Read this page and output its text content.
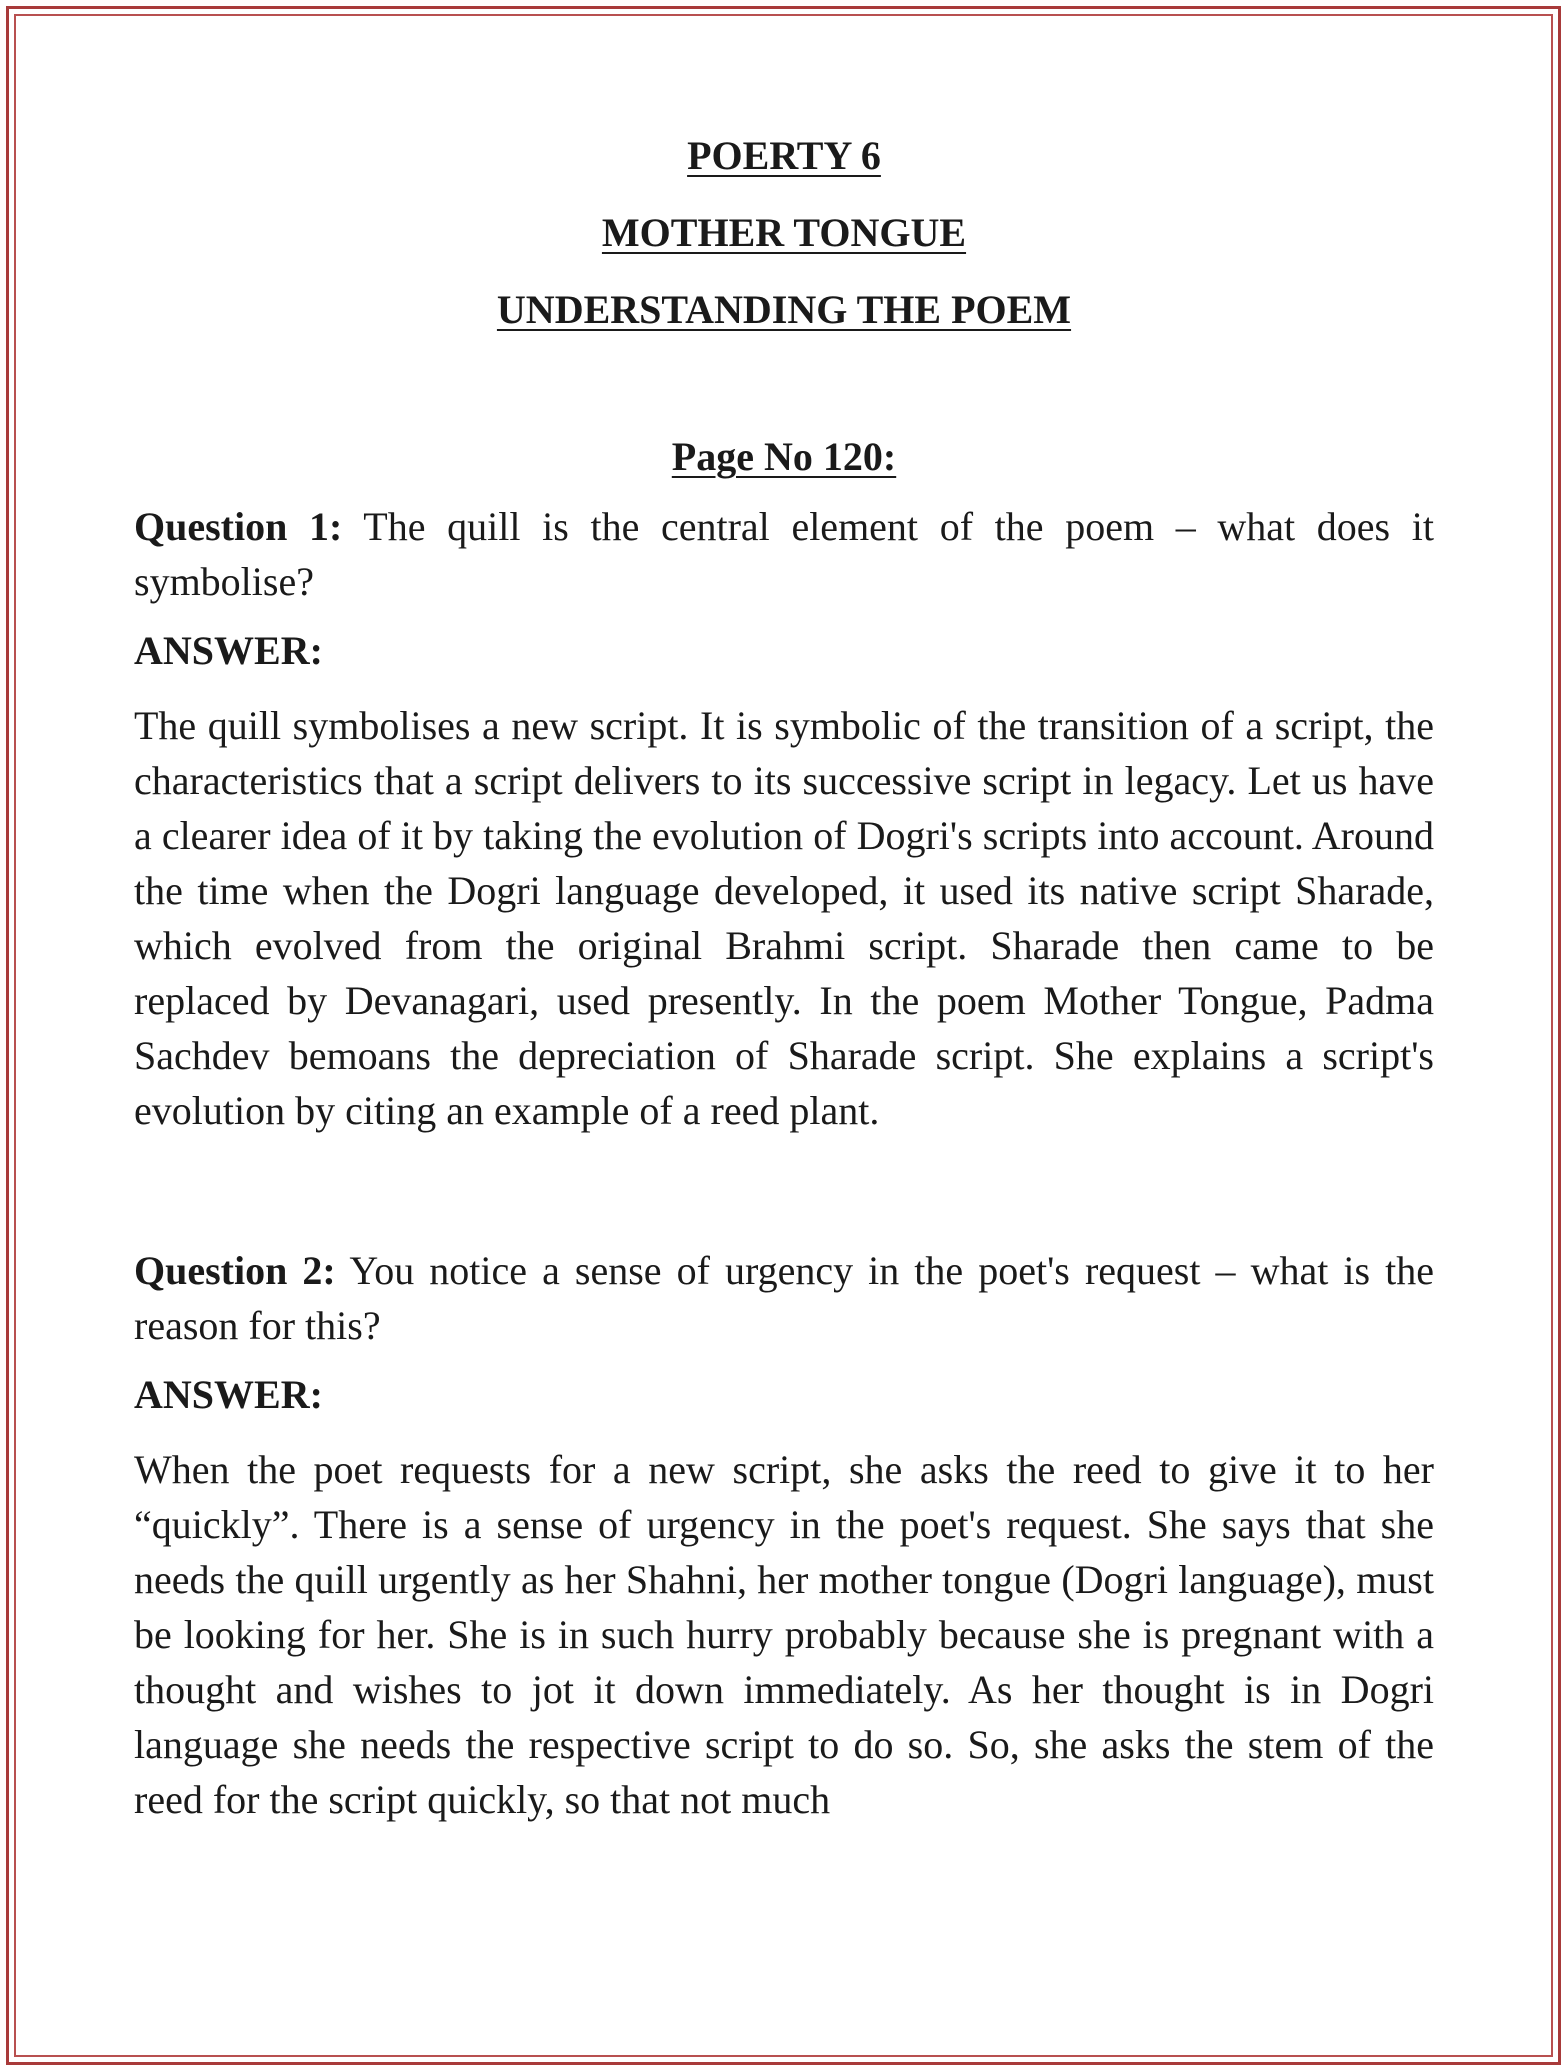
POERTY 6
MOTHER TONGUE
UNDERSTANDING THE POEM
Page No 120:
Question 1: The quill is the central element of the poem – what does it symbolise?
ANSWER:
The quill symbolises a new script. It is symbolic of the transition of a script, the characteristics that a script delivers to its successive script in legacy. Let us have a clearer idea of it by taking the evolution of Dogri's scripts into account. Around the time when the Dogri language developed, it used its native script Sharade, which evolved from the original Brahmi script. Sharade then came to be replaced by Devanagari, used presently. In the poem Mother Tongue, Padma Sachdev bemoans the depreciation of Sharade script. She explains a script's evolution by citing an example of a reed plant.
Question 2: You notice a sense of urgency in the poet's request – what is the reason for this?
ANSWER:
When the poet requests for a new script, she asks the reed to give it to her “quickly”. There is a sense of urgency in the poet's request. She says that she needs the quill urgently as her Shahni, her mother tongue (Dogri language), must be looking for her. She is in such hurry probably because she is pregnant with a thought and wishes to jot it down immediately. As her thought is in Dogri language she needs the respective script to do so. So, she asks the stem of the reed for the script quickly, so that not much
